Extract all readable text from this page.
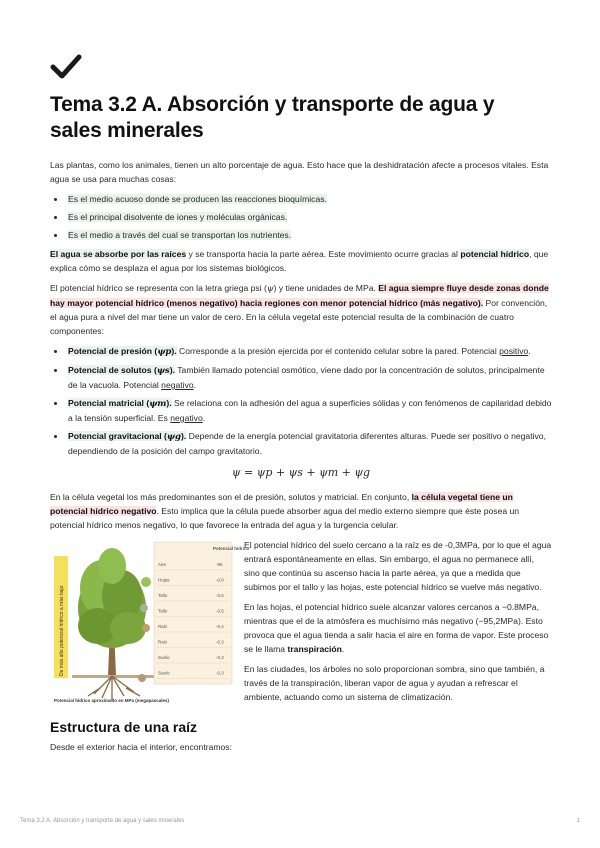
Tema 3.2 A. Absorción y transporte de agua y sales minerales

Las plantas, como los animales, tienen un alto porcentaje de agua. Esto hace que la deshidratación afecte a procesos vitales. Esta agua se usa para muchas cosas:

• Es el medio acuoso donde se producen las reacciones bioquímicas.
• Es el principal disolvente de iones y moléculas orgánicas.
• Es el medio a través del cual se transportan los nutrientes.

El agua se absorbe por las raíces y se transporta hacia la parte aérea. Este movimiento ocurre gracias al potencial hídrico, que explica cómo se desplaza el agua por los sistemas biológicos.

El potencial hídrico se representa con la letra griega psi (ψ) y tiene unidades de MPa. El agua siempre fluye desde zonas donde hay mayor potencial hídrico (menos negativo) hacia regiones con menor potencial hídrico (más negativo). Por convención, el agua pura a nivel del mar tiene un valor de cero. En la célula vegetal este potencial resulta de la combinación de cuatro componentes:

• Potencial de presión (ψp). Corresponde a la presión ejercida por el contenido celular sobre la pared. Potencial positivo.
• Potencial de solutos (ψs). También llamado potencial osmótico, viene dado por la concentración de solutos, principalmente de la vacuola. Potencial negativo.
• Potencial matricial (ψm). Se relaciona con la adhesión del agua a superficies sólidas y con fenómenos de capilaridad debido a la tensión superficial. Es negativo.
• Potencial gravitacional (ψg). Depende de la energía potencial gravitatoria diferentes alturas. Puede ser positivo o negativo, dependiendo de la posición del campo gravitatorio.
ψ = ψp + ψs + ψm + ψg

En la célula vegetal los más predominantes son el de presión, solutos y matricial. En conjunto, la célula vegetal tiene un potencial hídrico negativo. Esto implica que la célula puede absorber agua del medio externo siempre que éste posea un potencial hídrico menos negativo, lo que favorece la entrada del agua y la turgencia celular.

De más alto potencial hídrico a más bajo
Potencial hídrico
Aire	-95
Hojas	-0,8
Tallo	-0,6
Tallo	-0,5
Raíz	-0,4
Raíz	-0,3
Suelo	-0,3
Suelo	-0,3
Potencial hídrico aproximado en MPa (megapascales)

El potencial hídrico del suelo cercano a la raíz es de -0,3MPa, por lo que el agua entrará espontáneamente en ellas. Sin embargo, el agua no permanece allí, sino que continúa su ascenso hacia la parte aérea, ya que a medida que subimos por el tallo y las hojas, este potencial hídrico se vuelve más negativo.

En las hojas, el potencial hídrico suele alcanzar valores cercanos a −0.8MPa, mientras que el de la atmósfera es muchísimo más negativo (−95,2MPa). Esto provoca que el agua tienda a salir hacia el aire en forma de vapor. Este proceso se le llama transpiración.

En las ciudades, los árboles no solo proporcionan sombra, sino que también, a través de la transpiración, liberan vapor de agua y ayudan a refrescar el ambiente, actuando como un sistema de climatización.

Estructura de una raíz

Desde el exterior hacia el interior, encontramos:

Tema 3.2 A. Absorción y transporte de agua y sales minerales	1
